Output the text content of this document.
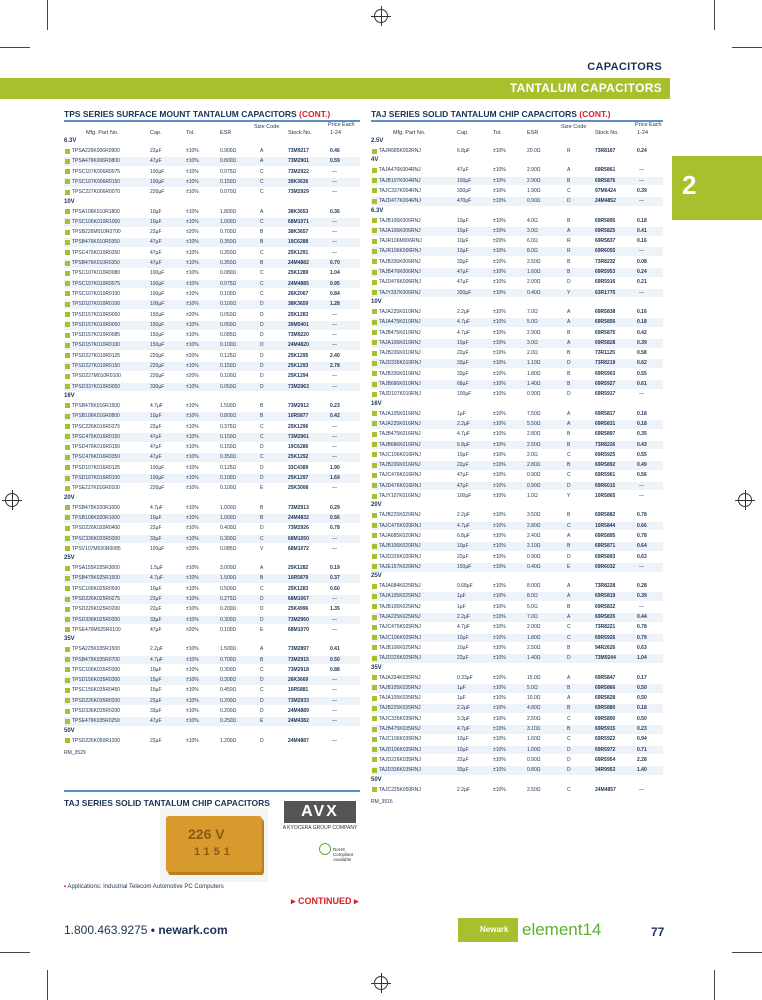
CAPACITORS
TANTALUM CAPACITORS
2
TPS SERIES SURFACE MOUNT TANTALUM CAPACITORS (CONT.)
Mfg. Part No.	Cap.	Tol.	ESR
Size Code
Stock No.
Price Each
1-24
6.3V
TPSA226K006R0900	22µF	±10%	0.900Ω	A	73M9217	0.46
TPSA476K006R0800	47µF	±10%	0.800Ω	A	73M2901	0.59
TPSC107K006R0075	100µF	±10%	0.075Ω	C	73M2922	—
TPSC107K006R0150	100µF	±10%	0.150Ω	C	39K3636	—
TPSC227K006R0070	220µF	±10%	0.070Ω	C	73M2929	—
10V
TPSA106K010R1800	10µF	±10%	1.800Ω	A	38K3653	0.36
TPSC106K010R1000	10µF	±10%	1.000Ω	C	68M1071	—
TPSB226M010R0700	22µF	±20%	0.700Ω	B	38K3657	—
TPSB476K010R0350	47µF	±10%	0.350Ω	B	19C6288	—
TPSC476K010R0350	47µF	±10%	0.350Ω	C	25K1291	—
TPSB476K010R0350	47µF	±10%	0.350Ω	B	24M4882	0.70
TPSC107K010R0080	100µF	±10%	0.080Ω	C	25K1289	1.04
TPSC107K010R0075	100µF	±10%	0.075Ω	C	24M4885	0.95
TPSC107K010R0100	100µF	±10%	0.100Ω	C	26K2067	0.84
TPSD107K010R0100	100µF	±10%	0.100Ω	D	38K3659	1.28
TPSD157K010R0050	150µF	±20%	0.050Ω	D	25K1283	—
TPSD157K010R0050	150µF	±10%	0.050Ω	D	39M5401	—
TPSD157K010R0085	150µF	±10%	0.085Ω	D	73M9220	—
TPSD157K010R0100	150µF	±10%	0.100Ω	D	24M4820	—
TPSD227K010R0125	220µF	±20%	0.125Ω	D	25K1295	2.40
TPSD227K010R0150	220µF	±10%	0.150Ω	D	25K1293	2.78
TPSD227M010R0100	220µF	±20%	0.100Ω	D	25K1294	—
TPSD337K010R0050	330µF	±10%	0.050Ω	D	73M2963	—
16V
TPSB475K016R1500	4.7µF	±10%	1.500Ω	B	73M2912	0.23
TPSB106K016R0800	10µF	±10%	0.800Ω	B	10R5877	0.42
TPSC226K016R0375	22µF	±10%	0.375Ω	C	25K1296	—
TPSC476K016R0150	47µF	±10%	0.150Ω	C	73M2961	—
TPSD476K016R0150	47µF	±10%	0.150Ω	D	19C6286	—
TPSC476K016R0350	47µF	±10%	0.350Ω	C	25K1292	—
TPSD107K016R0125	100µF	±10%	0.125Ω	D	33C4389	1.90
TPSD107K016R0100	100µF	±10%	0.100Ω	D	25K1297	1.69
TPSE227K016R0100	220µF	±10%	0.100Ω	E	25K3008	—
20V
TPSB475K020R1000	4.7µF	±10%	1.000Ω	B	73M2913	0.29
TPSB106K020R1000	10µF	±10%	1.000Ω	B	24M4832	0.56
TPSD226K020R0400	22µF	±10%	0.400Ω	D	73M2926	0.78
TPSC336K020R0300	33µF	±10%	0.300Ω	C	68M1050	—
TPSV107M020R0085	100µF	±20%	0.085Ω	V	68M1072	—
25V
TPSA155K025R3000	1.5µF	±10%	3.000Ω	A	25K1282	0.19
TPSB475K025R1500	4.7µF	±10%	1.500Ω	B	10R5879	0.37
TPSC106K025R0500	10µF	±10%	0.500Ω	C	25K1283	0.60
TPSD226K025R0275	22µF	±10%	0.275Ω	D	68M1067	—
TPSD226K025R0200	22µF	±10%	0.200Ω	D	25K4996	1.35
TPSD336K025R0300	33µF	±10%	0.300Ω	D	73M2960	—
TPSE476M025R0100	47µF	±20%	0.100Ω	E	68M1070	—
35V
TPSA225K035R1500	2.2µF	±10%	1.500Ω	A	73M2897	0.41
TPSB475K035R0700	4.7µF	±10%	0.700Ω	B	73M2915	0.50
TPSC106K035R0300	10µF	±10%	0.300Ω	C	73M2918	0.88
TPSD156K035R0300	15µF	±10%	0.300Ω	D	26K3669	—
TPSC156K035R0450	15µF	±10%	0.450Ω	C	10R5881	—
TPSD226K035R0200	22µF	±10%	0.200Ω	D	73M2933	—
TPSD336K035R0200	33µF	±10%	0.200Ω	D	24M4889	—
TPSE476K035R0250	47µF	±10%	0.250Ω	E	24M4382	—
50V
TPSD226K050R1200	22µF	±10%	1.200Ω	D	24M4887	—
RM_3529
TAJ SERIES SOLID TANTALUM CHIP CAPACITORS (CONT.)
Mfg. Part No.	Cap.	Tol.	ESR
Size Code
Stock No.
Price Each
1-24
2.5V
TAJR685K002RNJ	6.8µF	±10%	20.0Ω	R	73R8167	0.24
4V
TAJA476K004RNJ	47µF	±10%	2.90Ω	A	69R5861	—
TAJB107K004RNJ	100µF	±10%	2.90Ω	B	69R5876	—
TAJC337K004RNJ	330µF	±10%	1.90Ω	C	97M6424	0.39
TAJD477K004RNJ	470µF	±10%	0.90Ω	D	24M4852	—
6.3V
TAJB106K006RNJ	10µF	±10%	4.0Ω	B	69R5895	0.18
TAJA106K006RNJ	10µF	±10%	3.0Ω	A	69R5825	0.41
TAJR106M006RNJ	10µF	±20%	6.0Ω	R	69R5837	0.16
TAJR106K006RNJ	10µF	±10%	8.0Ω	R	69R6055	—
TAJB336K006RNJ	33µF	±10%	2.50Ω	B	73R8232	0.08
TAJB476K006RNJ	47µF	±10%	1.60Ω	B	69R5953	0.24
TAJD476K006RNJ	47µF	±10%	2.00Ω	D	69R5916	0.21
TAJY337K006RNJ	330µF	±10%	0.40Ω	Y	63R1775	—
10V
TAJA225K010RNJ	2.2µF	±10%	7.0Ω	A	69R5838	0.16
TAJA475K010RNJ	4.7µF	±10%	5.0Ω	A	69R5856	0.18
TAJB475K010RNJ	4.7µF	±10%	2.90Ω	B	69R5875	0.42
TAJA106K010RNJ	10µF	±10%	3.0Ω	A	69R5828	0.39
TAJB226K010RNJ	22µF	±10%	2.0Ω	B	73R1125	0.58
TAJD336K010RNJ	33µF	±10%	1.10Ω	D	73R8219	0.62
TAJB336K010RNJ	33µF	±10%	1.80Ω	B	69R5903	0.55
TAJB686K010RNJ	68µF	±10%	1.40Ω	B	69R5927	0.61
TAJD107K010RNJ	100µF	±10%	0.90Ω	D	69R5917	—
16V
TAJA105K016RNJ	1µF	±10%	7.50Ω	A	69R5817	0.18
TAJA225K016RNJ	2.2µF	±10%	5.50Ω	A	69R5831	0.18
TAJB475K016RNJ	4.7µF	±10%	2.80Ω	B	69R5897	0.35
TAJB686K016RNJ	6.8µF	±10%	2.50Ω	B	73R8226	0.43
TAJC106K016RNJ	10µF	±10%	2.0Ω	C	69R5925	0.55
TAJB226K016RNJ	22µF	±10%	2.80Ω	B	69R5892	0.49
TAJC476K016RNJ	47µF	±10%	0.90Ω	C	69R5961	0.56
TAJD476K016RNJ	47µF	±10%	0.90Ω	D	69R6015	—
TAJY107K016RNJ	100µF	±10%	1.0Ω	Y	10R5865	—
20V
TAJB225K020RNJ	2.2µF	±10%	3.50Ω	B	69R5882	0.78
TAJC475K020RNJ	4.7µF	±10%	2.80Ω	C	10R5844	0.66
TAJA685K020RNJ	6.8µF	±10%	2.40Ω	A	69R5895	0.78
TAJB106K020RNJ	10µF	±10%	2.10Ω	B	69R5871	0.64
TAJD226K020RNJ	22µF	±10%	0.90Ω	D	69R5893	0.63
TAJE157K020RNJ	150µF	±10%	0.40Ω	E	69R6032	—
25V
TAJA684K025RNJ	0.68µF	±10%	8.00Ω	A	73R8228	0.28
TAJA105K025RNJ	1µF	±10%	8.0Ω	A	69R5819	0.39
TAJB105K025RNJ	1µF	±10%	5.0Ω	B	69R5832	—
TAJA225K025RNJ	2.2µF	±10%	7.0Ω	A	69R5835	0.44
TAJC475K025RNJ	4.7µF	±10%	2.00Ω	C	73R8221	0.78
TAJC106K025RNJ	10µF	±10%	1.80Ω	C	69R5926	0.79
TAJB106K025RNJ	10µF	±10%	2.50Ω	B	94R2626	0.63
TAJD226K025RNJ	22µF	±10%	1.40Ω	D	73M9244	1.04
35V
TAJA334K035RNJ	0.33µF	±10%	15.0Ω	A	69R5847	0.17
TAJB105K035RNJ	1µF	±10%	5.0Ω	B	69R5866	0.50
TAJA105K035RNJ	1µF	±10%	10.0Ω	A	69R5828	0.50
TAJB225K035RNJ	2.2µF	±10%	4.80Ω	B	69R5880	0.18
TAJC335K035RNJ	3.3µF	±10%	2.50Ω	C	69R5890	0.50
TAJB475K035RNJ	4.7µF	±10%	3.10Ω	B	69R5915	0.23
TAJC106K035RNJ	10µF	±10%	1.60Ω	C	69R5922	0.94
TAJD106K035RNJ	10µF	±10%	1.00Ω	D	69R5972	0.71
TAJD226K035RNJ	22µF	±10%	0.90Ω	D	69R5954	2.28
TAJD336K035RNJ	33µF	±10%	0.80Ω	D	34R9953	1.40
50V
TAJC225K050RNJ	2.2µF	±10%	2.50Ω	C	24M4857	—
RM_3516
TAJ SERIES SOLID TANTALUM CHIP CAPACITORS
226 V
1151
AVX
A KYOCERA GROUP COMPANY
RoHS Compliant Available
• Applications: Industrial Telecom Automotive PC Computers
▸ CONTINUED ▸
1.800.463.9275 • newark.com	Newark element14	77
